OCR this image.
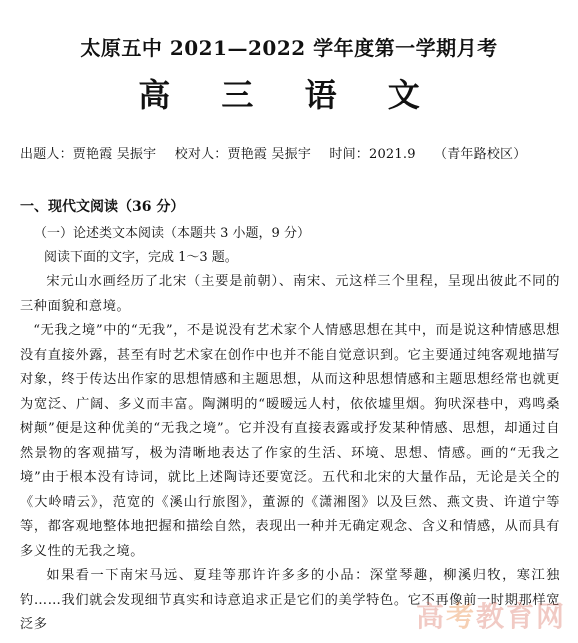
太原五中 2021—2022 学年度第一学期月考
高 三 语 文
出题人：贾艳霞 吴振宇 校对人：贾艳霞 吴振宇 时间：2021.9 （青年路校区）
一、现代文阅读（36 分）
（一）论述类文本阅读（本题共 3 小题，9 分）
阅读下面的文字，完成 1～3 题。

宋元山水画经历了北宋（主要是前朝）、南宋、元这样三个里程，呈现出彼此不同的三种面貌和意境。

“无我之境”中的“无我”，不是说没有艺术家个人情感思想在其中，而是说这种情感思想没有直接外露，甚至有时艺术家在创作中也并不能自觉意识到。它主要通过纯客观地描写对象，终于传达出作家的思想情感和主题思想，从而这种思想情感和主题思想经常也就更为宽泛、广阔、多义而丰富。陶渊明的“暧暧远人村，依依墟里烟。狗吠深巷中，鸡鸣桑树颠”便是这种优美的“无我之境”。它并没有直接表露或抒发某种情感、思想，却通过自然景物的客观描写，极为清晰地表达了作家的生活、环境、思想、情感。画的“无我之境”由于根本没有诗词，就比上述陶诗还要宽泛。五代和北宋的大量作品，无论是关仝的《大岭晴云》，范宽的《溪山行旅图》，董源的《潇湘图》以及巨然、燕文贵、许道宁等等，都客观地整体地把握和描绘自然，表现出一种并无确定观念、含义和情感，从而具有多义性的无我之境。

如果看一下南宋马远、夏珪等那许许多多的小品：深堂琴趣，柳溪归牧，寒江独钓……我们就会发现细节真实和诗意追求正是它们的美学特色。它不再像前一时期那样宽泛多	高考教育网
